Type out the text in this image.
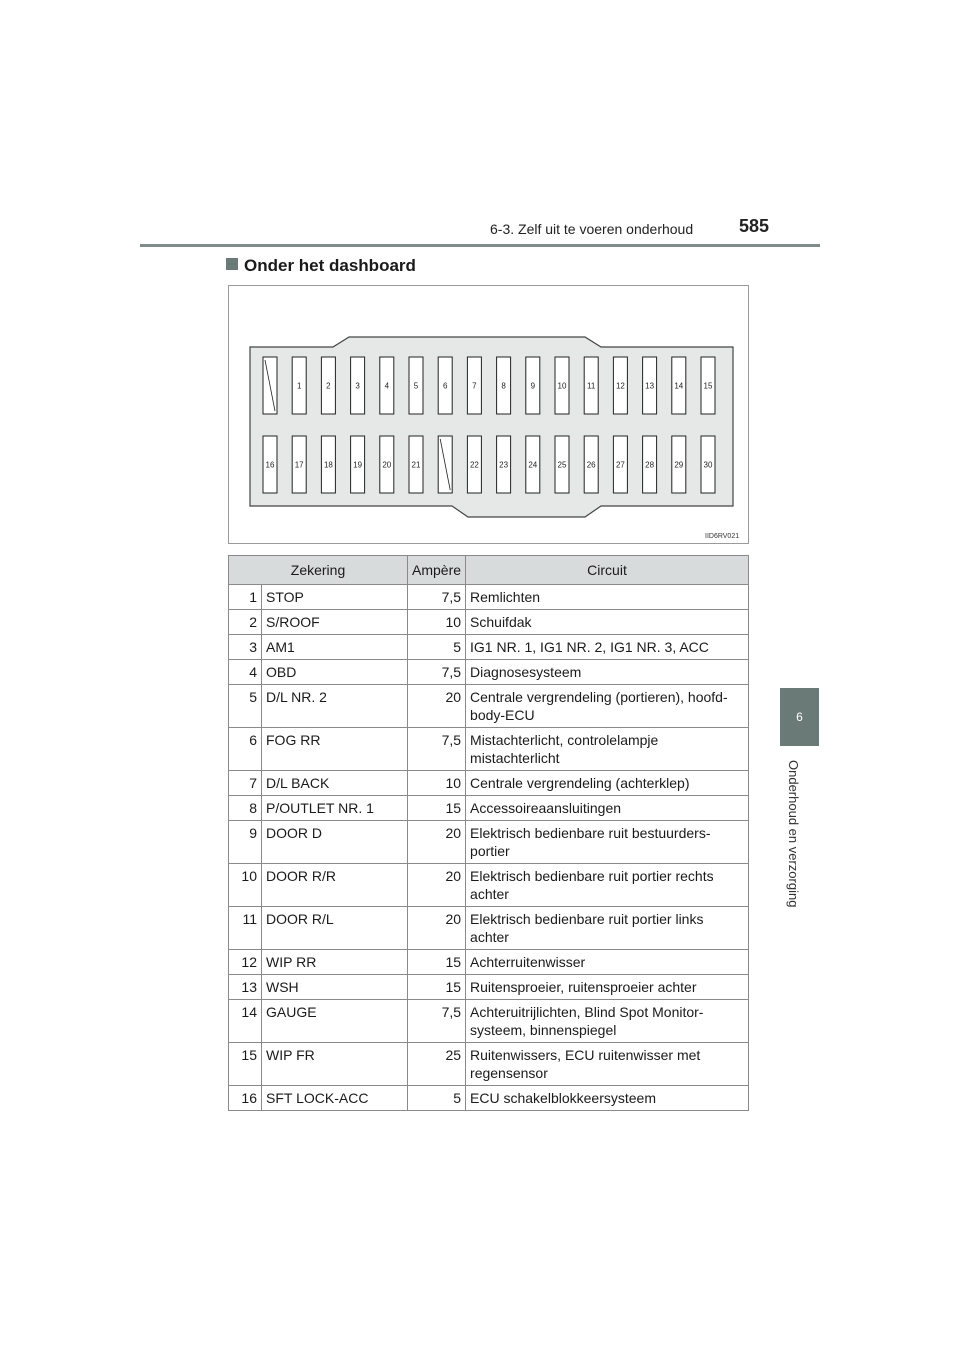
6-3. Zelf uit te voeren onderhoud	585
6
Onderhoud en verzorging
Onder het dashboard
1	2	3	4	5	6	7	8	9	10	11	12	13	14	15
16	17	18	19	20	21	22	23	24	25	26	27	28	29	30
IID6RV021
Zekering		Ampère	Circuit
1	STOP	7,5	Remlichten
2	S/ROOF	10	Schuifdak
3	AM1	5	IG1 NR. 1, IG1 NR. 2, IG1 NR. 3, ACC
4	OBD	7,5	Diagnosesysteem
5	D/L NR. 2	20	Centrale vergrendeling (portieren), hoofd-body-ECU
6	FOG RR	7,5	Mistachterlicht, controlelampje mistachterlicht
7	D/L BACK	10	Centrale vergrendeling (achterklep)
8	P/OUTLET NR. 1	15	Accessoireaansluitingen
9	DOOR D	20	Elektrisch bedienbare ruit bestuurders-portier
10	DOOR R/R	20	Elektrisch bedienbare ruit portier rechts achter
11	DOOR R/L	20	Elektrisch bedienbare ruit portier links achter
12	WIP RR	15	Achterruitenwisser
13	WSH	15	Ruitensproeier, ruitensproeier achter
14	GAUGE	7,5	Achteruitrijlichten, Blind Spot Monitor-systeem, binnenspiegel
15	WIP FR	25	Ruitenwissers, ECU ruitenwisser met regensensor
16	SFT LOCK-ACC	5	ECU schakelblokkeersysteem
